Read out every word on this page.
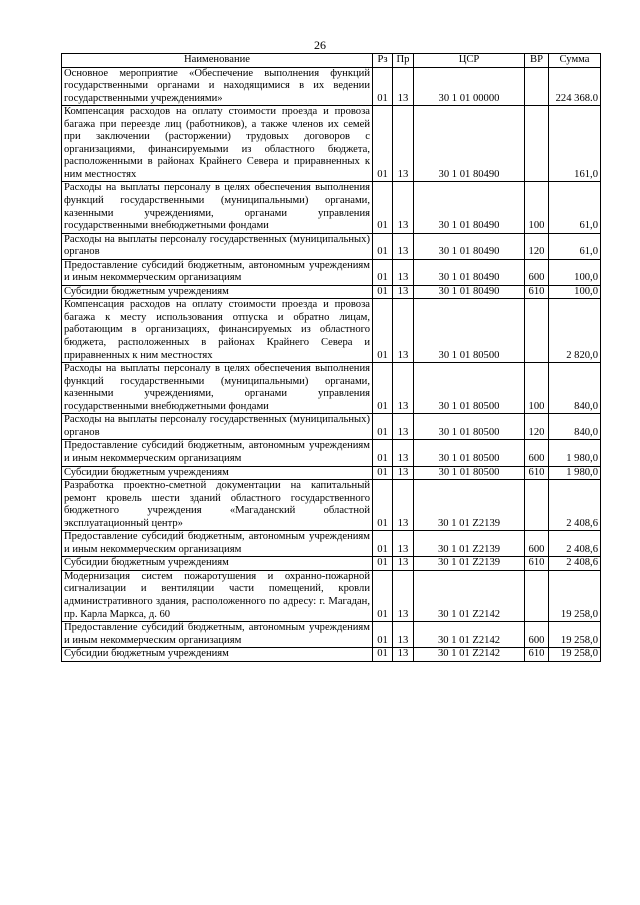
26
Наименование	Рз	Пр	ЦСР	ВР	Сумма
Основное мероприятие «Обеспечение выполнения функций государственными органами и находящимися в их ведении государственными учреждениями»	01	13	30 1 01 00000		224 368.0
Компенсация расходов на оплату стоимости проезда и провоза багажа при переезде лиц (работников), а также членов их семей при заключении (расторжении) трудовых договоров с организациями, финансируемыми из областного бюджета, расположенными в районах Крайнего Севера и приравненных к ним местностях	01	13	30 1 01 80490		161,0
Расходы на выплаты персоналу в целях обеспечения выполнения функций государственными (муниципальными) органами, казенными учреждениями, органами управления государственными внебюджетными фондами	01	13	30 1 01 80490	100	61,0
Расходы на выплаты персоналу государственных (муниципальных) органов	01	13	30 1 01 80490	120	61,0
Предоставление субсидий бюджетным, автономным учреждениям и иным некоммерческим организациям	01	13	30 1 01 80490	600	100,0
Субсидии бюджетным учреждениям	01	13	30 1 01 80490	610	100,0
Компенсация расходов на оплату стоимости проезда и провоза багажа к месту использования отпуска и обратно лицам, работающим в организациях, финансируемых из областного бюджета, расположенных в районах Крайнего Севера и приравненных к ним местностях	01	13	30 1 01 80500		2 820,0
Расходы на выплаты персоналу в целях обеспечения выполнения функций государственными (муниципальными) органами, казенными учреждениями, органами управления государственными внебюджетными фондами	01	13	30 1 01 80500	100	840,0
Расходы на выплаты персоналу государственных (муниципальных) органов	01	13	30 1 01 80500	120	840,0
Предоставление субсидий бюджетным, автономным учреждениям и иным некоммерческим организациям	01	13	30 1 01 80500	600	1 980,0
Субсидии бюджетным учреждениям	01	13	30 1 01 80500	610	1 980,0
Разработка проектно-сметной документации на капитальный ремонт кровель шести зданий областного государственного бюджетного учреждения «Магаданский областной эксплуатационный центр»	01	13	30 1 01 Z2139		2 408,6
Предоставление субсидий бюджетным, автономным учреждениям и иным некоммерческим организациям	01	13	30 1 01 Z2139	600	2 408,6
Субсидии бюджетным учреждениям	01	13	30 1 01 Z2139	610	2 408,6
Модернизация систем пожаротушения и охранно-пожарной сигнализации и вентиляции части помещений, кровли административного здания, расположенного по адресу: г. Магадан, пр. Карла Маркса, д. 60	01	13	30 1 01 Z2142		19 258,0
Предоставление субсидий бюджетным, автономным учреждениям и иным некоммерческим организациям	01	13	30 1 01 Z2142	600	19 258,0
Субсидии бюджетным учреждениям	01	13	30 1 01 Z2142	610	19 258,0
